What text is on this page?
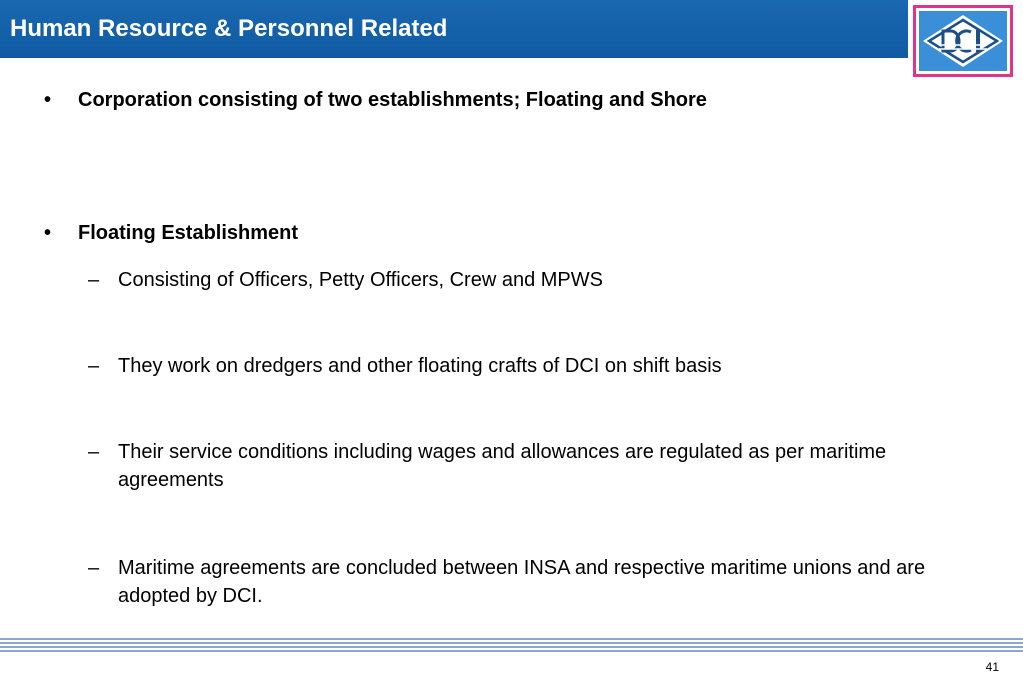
Human Resource & Personnel Related
• Corporation consisting of two establishments; Floating and Shore
• Floating Establishment
– Consisting of Officers, Petty Officers, Crew and MPWS
– They work on dredgers and other floating crafts of DCI on shift basis
– Their service conditions including wages and allowances are regulated as per maritime agreements
– Maritime agreements are concluded between INSA and respective maritime unions and are adopted by DCI.
41
